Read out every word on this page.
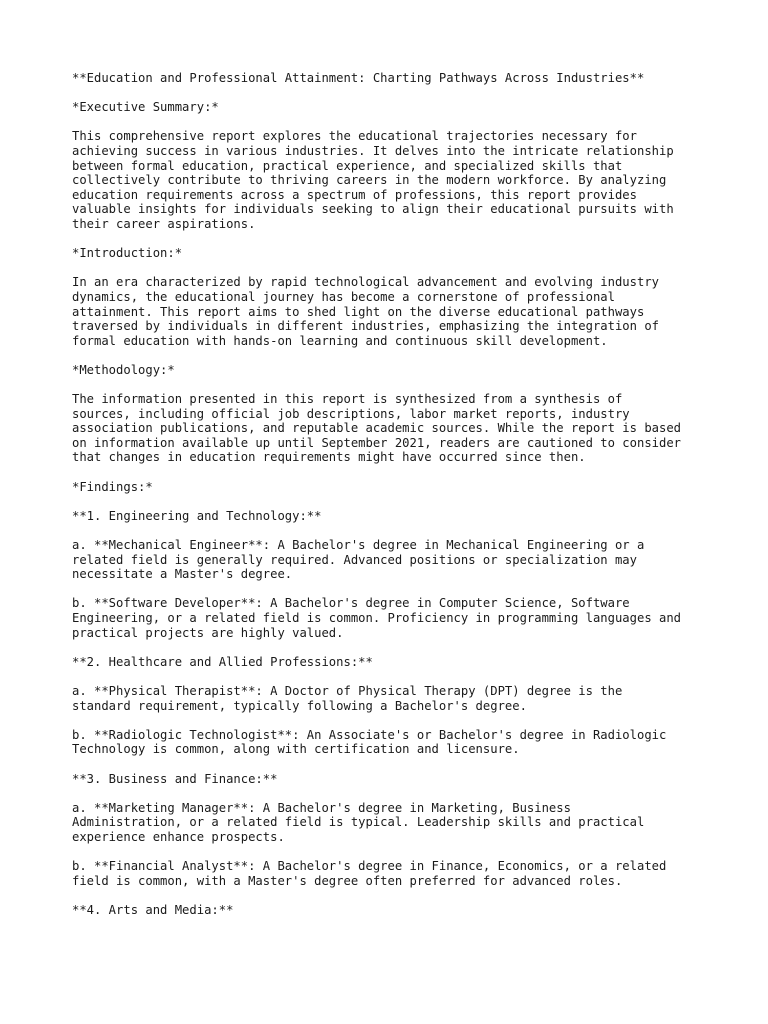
**Education and Professional Attainment: Charting Pathways Across Industries**

*Executive Summary:*

This comprehensive report explores the educational trajectories necessary for
achieving success in various industries. It delves into the intricate relationship
between formal education, practical experience, and specialized skills that
collectively contribute to thriving careers in the modern workforce. By analyzing
education requirements across a spectrum of professions, this report provides
valuable insights for individuals seeking to align their educational pursuits with
their career aspirations.

*Introduction:*

In an era characterized by rapid technological advancement and evolving industry
dynamics, the educational journey has become a cornerstone of professional
attainment. This report aims to shed light on the diverse educational pathways
traversed by individuals in different industries, emphasizing the integration of
formal education with hands-on learning and continuous skill development.

*Methodology:*

The information presented in this report is synthesized from a synthesis of
sources, including official job descriptions, labor market reports, industry
association publications, and reputable academic sources. While the report is based
on information available up until September 2021, readers are cautioned to consider
that changes in education requirements might have occurred since then.

*Findings:*

**1. Engineering and Technology:**

a. **Mechanical Engineer**: A Bachelor's degree in Mechanical Engineering or a
related field is generally required. Advanced positions or specialization may
necessitate a Master's degree.

b. **Software Developer**: A Bachelor's degree in Computer Science, Software
Engineering, or a related field is common. Proficiency in programming languages and
practical projects are highly valued.

**2. Healthcare and Allied Professions:**

a. **Physical Therapist**: A Doctor of Physical Therapy (DPT) degree is the
standard requirement, typically following a Bachelor's degree.

b. **Radiologic Technologist**: An Associate's or Bachelor's degree in Radiologic
Technology is common, along with certification and licensure.

**3. Business and Finance:**

a. **Marketing Manager**: A Bachelor's degree in Marketing, Business
Administration, or a related field is typical. Leadership skills and practical
experience enhance prospects.

b. **Financial Analyst**: A Bachelor's degree in Finance, Economics, or a related
field is common, with a Master's degree often preferred for advanced roles.

**4. Arts and Media:**
